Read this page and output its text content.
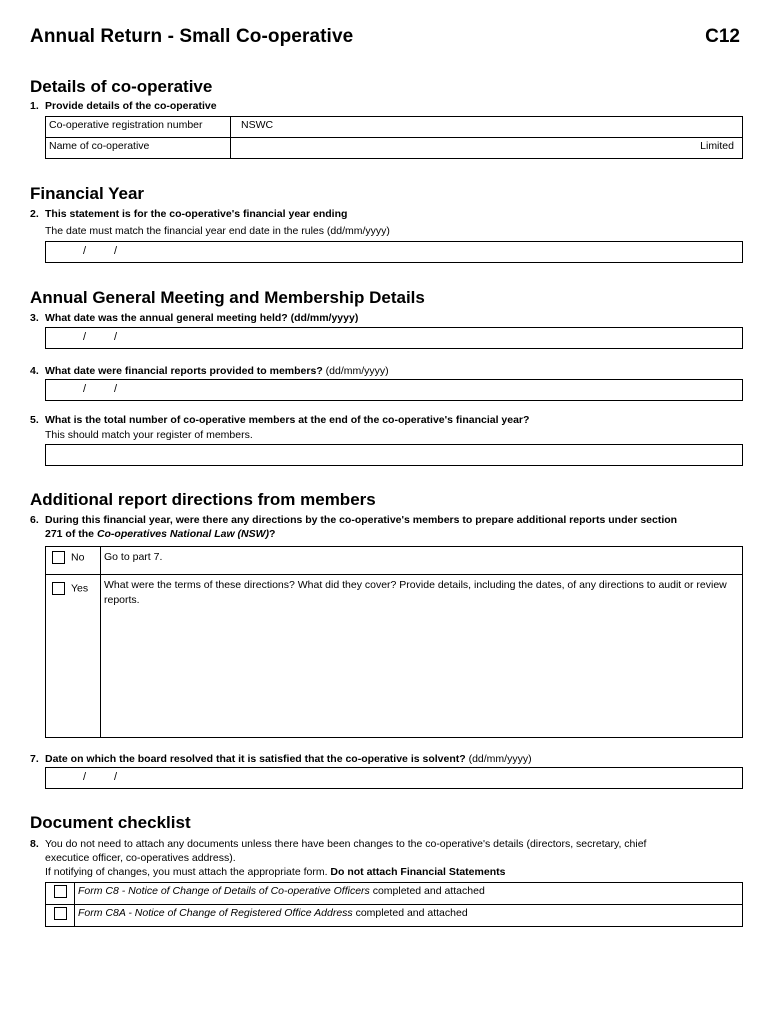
Annual Return - Small Co-operative	C12
Details of co-operative
1. Provide details of the co-operative
Co-operative registration number	NSWC
Name of co-operative	Limited
Financial Year
2. This statement is for the co-operative's financial year ending
The date must match the financial year end date in the rules (dd/mm/yyyy)
/	/
Annual General Meeting and Membership Details
3. What date was the annual general meeting held? (dd/mm/yyyy)
/	/
4. What date were financial reports provided to members? (dd/mm/yyyy)
/	/
5. What is the total number of co-operative members at the end of the co-operative's financial year?
This should match your register of members.
Additional report directions from members
6. During this financial year, were there any directions by the co-operative's members to prepare additional reports under section
271 of the Co-operatives National Law (NSW)?
No	Go to part 7.
Yes	What were the terms of these directions? What did they cover? Provide details, including the dates, of any directions to audit or review reports.
7. Date on which the board resolved that it is satisfied that the co-operative is solvent? (dd/mm/yyyy)
/	/
Document checklist
8. You do not need to attach any documents unless there have been changes to the co-operative's details (directors, secretary, chief
executice officer, co-operatives address).
If notifying of changes, you must attach the appropriate form. Do not attach Financial Statements
	Form C8 - Notice of Change of Details of Co-operative Officers completed and attached
	Form C8A - Notice of Change of Registered Office Address completed and attached
